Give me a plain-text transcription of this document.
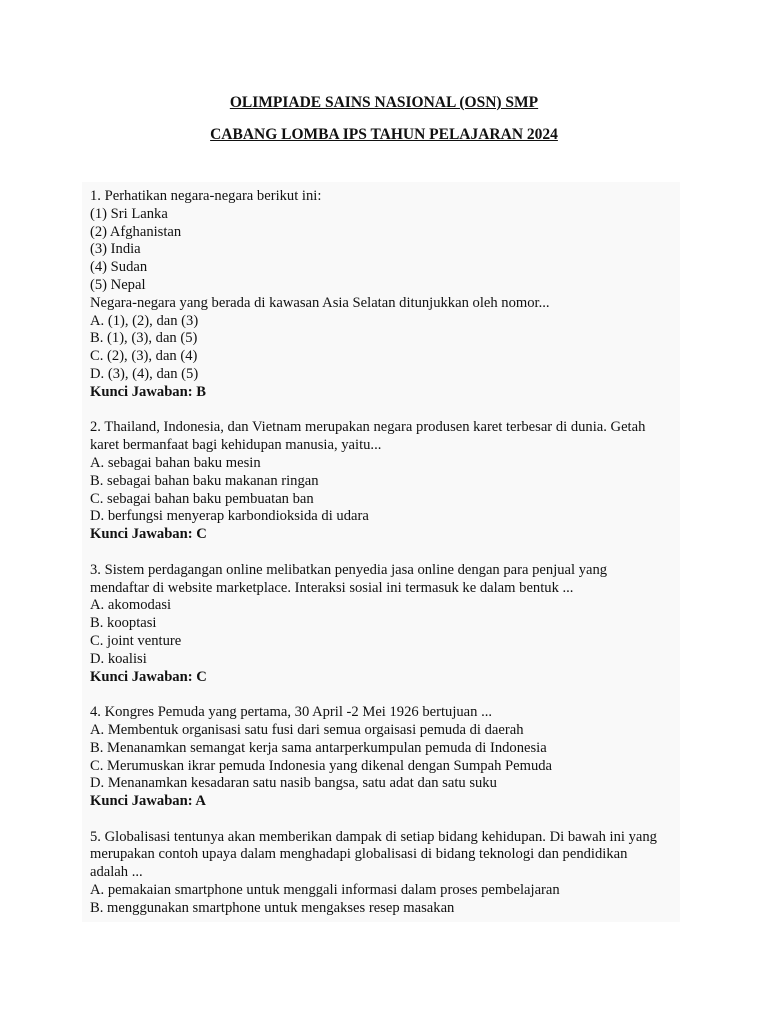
OLIMPIADE SAINS NASIONAL (OSN) SMP

CABANG LOMBA IPS TAHUN PELAJARAN 2024

1. Perhatikan negara-negara berikut ini:
(1) Sri Lanka
(2) Afghanistan
(3) India
(4) Sudan
(5) Nepal
Negara-negara yang berada di kawasan Asia Selatan ditunjukkan oleh nomor...
A. (1), (2), dan (3)
B. (1), (3), dan (5)
C. (2), (3), dan (4)
D. (3), (4), dan (5)
Kunci Jawaban: B
2. Thailand, Indonesia, dan Vietnam merupakan negara produsen karet terbesar di dunia. Getah
karet bermanfaat bagi kehidupan manusia, yaitu...
A. sebagai bahan baku mesin
B. sebagai bahan baku makanan ringan
C. sebagai bahan baku pembuatan ban
D. berfungsi menyerap karbondioksida di udara
Kunci Jawaban: C
3. Sistem perdagangan online melibatkan penyedia jasa online dengan para penjual yang
mendaftar di website marketplace. Interaksi sosial ini termasuk ke dalam bentuk ...
A. akomodasi
B. kooptasi
C. joint venture
D. koalisi
Kunci Jawaban: C
4. Kongres Pemuda yang pertama, 30 April -2 Mei 1926 bertujuan ...
A. Membentuk organisasi satu fusi dari semua orgaisasi pemuda di daerah
B. Menanamkan semangat kerja sama antarperkumpulan pemuda di Indonesia
C. Merumuskan ikrar pemuda Indonesia yang dikenal dengan Sumpah Pemuda
D. Menanamkan kesadaran satu nasib bangsa, satu adat dan satu suku
Kunci Jawaban: A
5. Globalisasi tentunya akan memberikan dampak di setiap bidang kehidupan. Di bawah ini yang
merupakan contoh upaya dalam menghadapi globalisasi di bidang teknologi dan pendidikan
adalah ...
A. pemakaian smartphone untuk menggali informasi dalam proses pembelajaran
B. menggunakan smartphone untuk mengakses resep masakan
